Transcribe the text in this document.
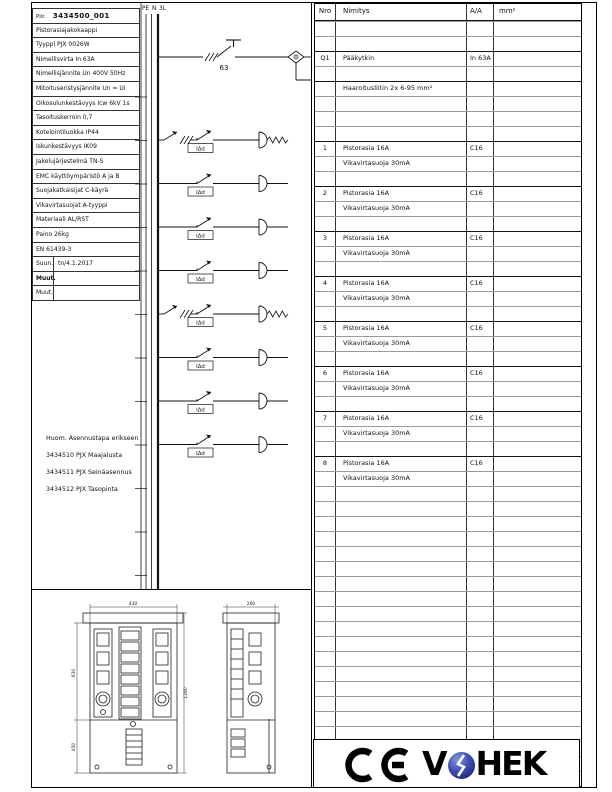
Piir. 3434500_001
Pistorasiajakokaappi
Tyyppi PJX 0026W
Nimellisvirta In 63A
Nimellisjännite Un 400V 50Hz
Mitoituseristysjännite Un = Ui
Oikosulunkestävyys Icw 6kV 1s
Tasoituskerroin 0,7
Kotelointiluokka IP44
Iskunkestävyys IK09
Jakelujärjestelmä TN-S
EMC käyttöympäristö A ja B
Suojakatkaisijat C-käyrä
Vikavirtasuojat A-tyyppi
Materiaali AL/RST
Paino 26kg
EN 61439-3
Suun. tn/4.1.2017
Muut.
Muut.
Huom. Asennustapa erikseen
3434510 PJX Maajalusta
3434511 PJX Seinäasennus
3434512 PJX Tasopinta
PE N 3L
63
IΔd
IΔd
IΔd
IΔd
IΔd
IΔd
IΔd
IΔd
430
830
450
1280
260
Nro	Nimitys	A/A	mm²
Q1	Pääkytkin	In 63A
Haaroitusliitin 2x 6-95 mm²
1	Pistorasia 16A	C16
Vikavirtasuoja 30mA
2	Pistorasia 16A	C16
Vikavirtasuoja 30mA
3	Pistorasia 16A	C16
Vikavirtasuoja 30mA
4	Pistorasia 16A	C16
Vikavirtasuoja 30mA
5	Pistorasia 16A	C16
Vikavirtasuoja 30mA
6	Pistorasia 16A	C16
Vikavirtasuoja 30mA
7	Pistorasia 16A	C16
Vikavirtasuoja 30mA
8	Pistorasia 16A	C16
Vikavirtasuoja 30mA
V HEK
